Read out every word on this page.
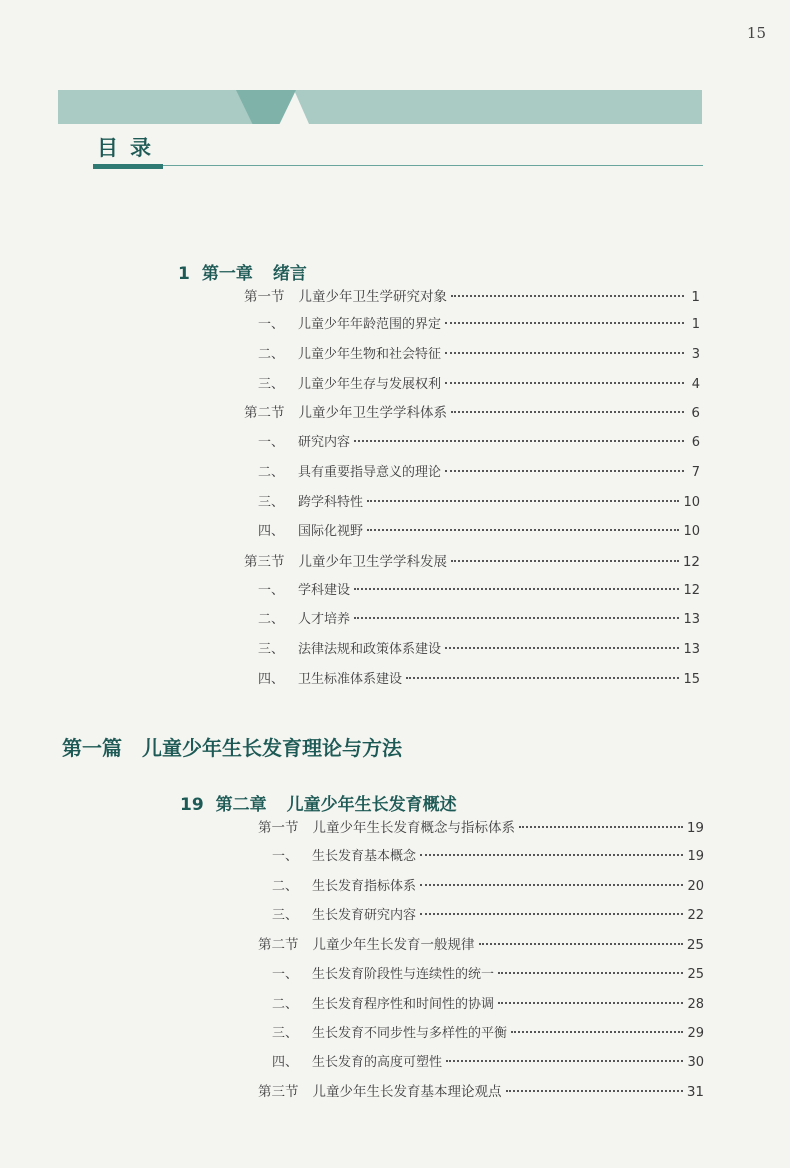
15
目录
1 第一章 绪言
第一节 儿童少年卫生学研究对象	1
一、 儿童少年年龄范围的界定	1
二、 儿童少年生物和社会特征	3
三、 儿童少年生存与发展权利	4
第二节 儿童少年卫生学学科体系	6
一、 研究内容	6
二、 具有重要指导意义的理论	7
三、 跨学科特性	10
四、 国际化视野	10
第三节 儿童少年卫生学学科发展	12
一、 学科建设	12
二、 人才培养	13
三、 法律法规和政策体系建设	13
四、 卫生标准体系建设	15
第一篇 儿童少年生长发育理论与方法
19 第二章 儿童少年生长发育概述
第一节 儿童少年生长发育概念与指标体系	19
一、 生长发育基本概念	19
二、 生长发育指标体系	20
三、 生长发育研究内容	22
第二节 儿童少年生长发育一般规律	25
一、 生长发育阶段性与连续性的统一	25
二、 生长发育程序性和时间性的协调	28
三、 生长发育不同步性与多样性的平衡	29
四、 生长发育的高度可塑性	30
第三节 儿童少年生长发育基本理论观点	31
